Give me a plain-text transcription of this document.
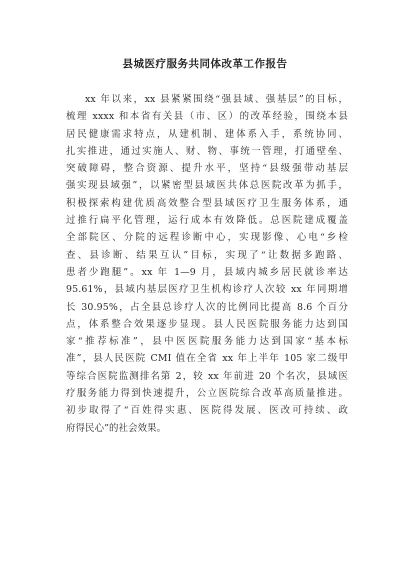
县城医疗服务共同体改革工作报告
xx 年以来，xx 县紧紧围绕“强县域、强基层”的目标，
梳理 xxxx 和本省有关县（市、区）的改革经验，围绕本县
居民健康需求特点，从建机制、建体系入手，系统协同、
扎实推进，通过实施人、财、物、事统一管理，打通壁垒、
突破障碍，整合资源、提升水平，坚持“县级强带动基层
强实现县域强”，以紧密型县域医共体总医院改革为抓手，
积极探索构建优质高效整合型县域医疗卫生服务体系，通
过推行扁平化管理，运行成本有效降低。总医院建成覆盖
全部院区、分院的远程诊断中心，实现影像、心电“乡检
查、县诊断、结果互认”目标，实现了“让数据多跑路、
患者少跑腿”。xx 年 1—9 月，县域内城乡居民就诊率达
95.61%，县域内基层医疗卫生机构诊疗人次较 xx 年同期增
长 30.95%，占全县总诊疗人次的比例同比提高 8.6 个百分
点，体系整合效果逐步显现。县人民医院服务能力达到国
家“推荐标准”，县中医医院服务能力达到国家“基本标
准”，县人民医院 CMI 值在全省 xx 年上半年 105 家二级甲
等综合医院监测排名第 2，较 xx 年前进 20 个名次，县域医
疗服务能力得到快速提升，公立医院综合改革高质量推进。
初步取得了“百姓得实惠、医院得发展、医改可持续、政
府得民心”的社会效果。
